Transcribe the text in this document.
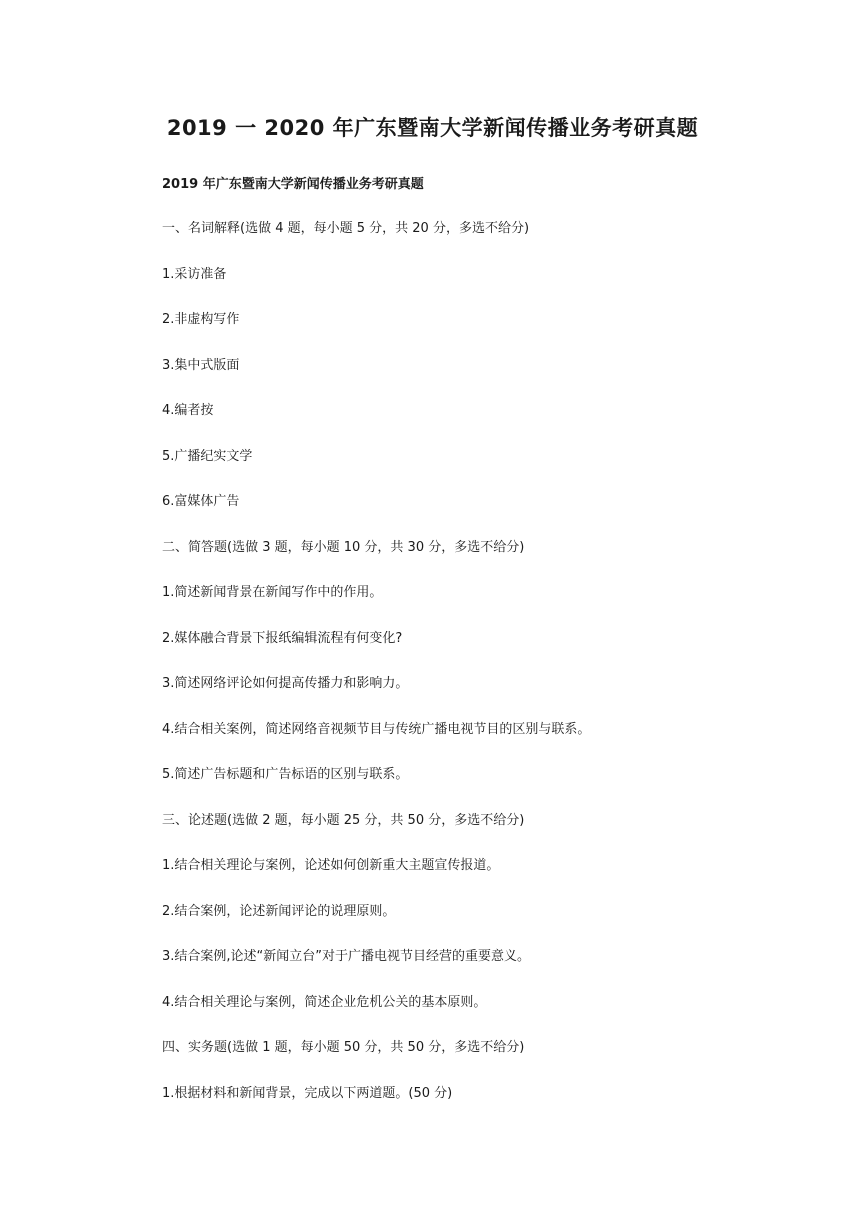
2019 一 2020 年广东暨南大学新闻传播业务考研真题

2019 年广东暨南大学新闻传播业务考研真题

一、名词解释(选做 4 题，每小题 5 分，共 20 分，多选不给分)

1.采访准备

2.非虚构写作

3.集中式版面

4.编者按

5.广播纪实文学

6.富媒体广告

二、简答题(选做 3 题，每小题 10 分，共 30 分，多选不给分)

1.简述新闻背景在新闻写作中的作用。

2.媒体融合背景下报纸编辑流程有何变化?

3.简述网络评论如何提高传播力和影响力。

4.结合相关案例，简述网络音视频节目与传统广播电视节目的区别与联系。

5.简述广告标题和广告标语的区别与联系。

三、论述题(选做 2 题，每小题 25 分，共 50 分，多选不给分)

1.结合相关理论与案例，论述如何创新重大主题宣传报道。

2.结合案例，论述新闻评论的说理原则。

3.结合案例,论述“新闻立台”对于广播电视节目经营的重要意义。

4.结合相关理论与案例，简述企业危机公关的基本原则。

四、实务题(选做 1 题，每小题 50 分，共 50 分，多选不给分)

1.根据材料和新闻背景，完成以下两道题。(50 分)
